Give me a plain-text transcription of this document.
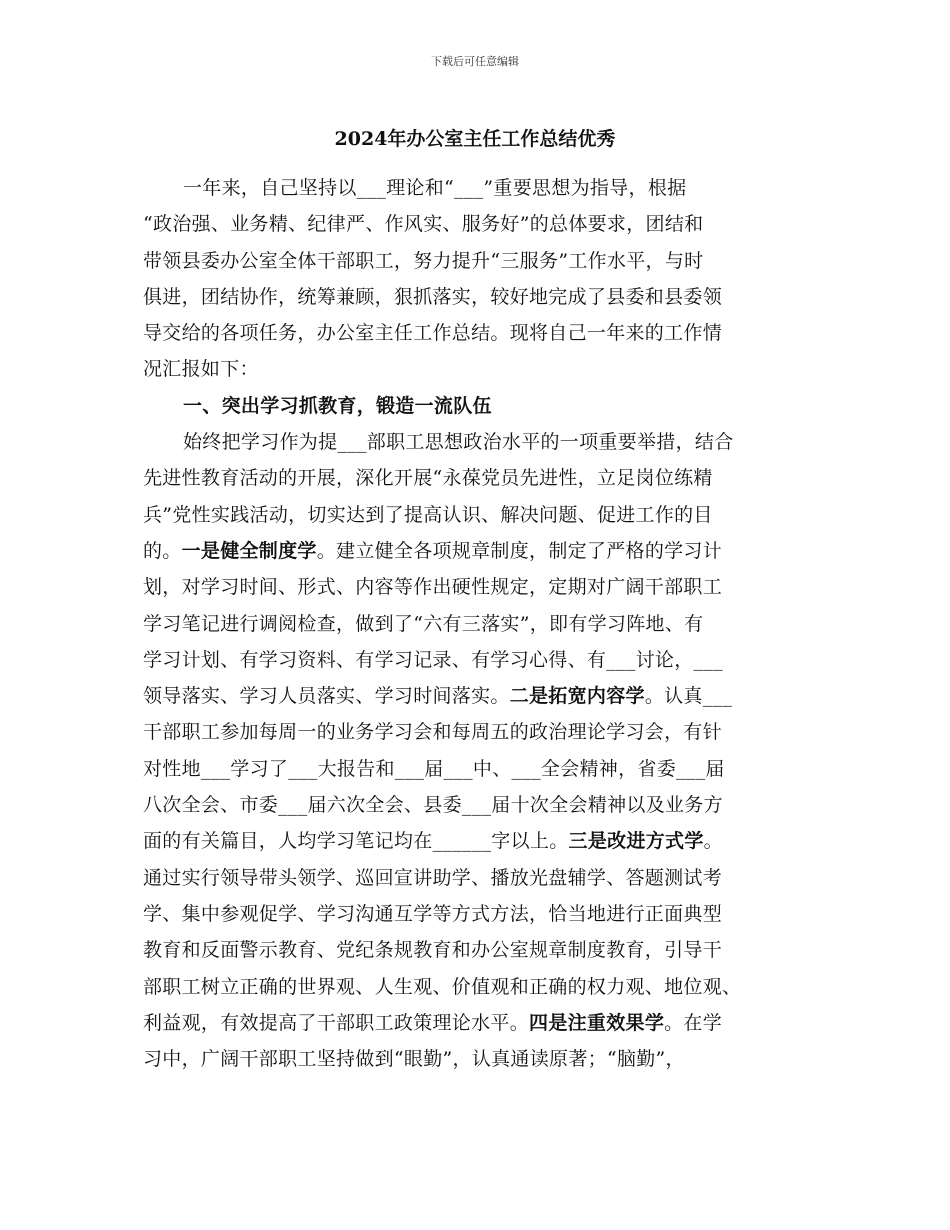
下载后可任意编辑
2024年办公室主任工作总结优秀
一年来，自己坚持以___理论和“___”重要思想为指导，根据
“政治强、业务精、纪律严、作风实、服务好”的总体要求，团结和
带领县委办公室全体干部职工，努力提升“三服务”工作水平，与时
俱进，团结协作，统筹兼顾，狠抓落实，较好地完成了县委和县委领
导交给的各项任务，办公室主任工作总结。现将自己一年来的工作情
况汇报如下：
一、突出学习抓教育，锻造一流队伍
始终把学习作为提___部职工思想政治水平的一项重要举措，结合
先进性教育活动的开展，深化开展“永葆党员先进性，立足岗位练精
兵”党性实践活动，切实达到了提高认识、解决问题、促进工作的目
的。一是健全制度学。建立健全各项规章制度，制定了严格的学习计
划，对学习时间、形式、内容等作出硬性规定，定期对广阔干部职工
学习笔记进行调阅检查，做到了“六有三落实”，即有学习阵地、有
学习计划、有学习资料、有学习记录、有学习心得、有___讨论，___
领导落实、学习人员落实、学习时间落实。二是拓宽内容学。认真___
干部职工参加每周一的业务学习会和每周五的政治理论学习会，有针
对性地___学习了___大报告和___届___中、___全会精神，省委___届
八次全会、市委___届六次全会、县委___届十次全会精神以及业务方
面的有关篇目，人均学习笔记均在______字以上。三是改进方式学。
通过实行领导带头领学、巡回宣讲助学、播放光盘辅学、答题测试考
学、集中参观促学、学习沟通互学等方式方法，恰当地进行正面典型
教育和反面警示教育、党纪条规教育和办公室规章制度教育，引导干
部职工树立正确的世界观、人生观、价值观和正确的权力观、地位观、
利益观，有效提高了干部职工政策理论水平。四是注重效果学。在学
习中，广阔干部职工坚持做到“眼勤”，认真通读原著；“脑勤”，
